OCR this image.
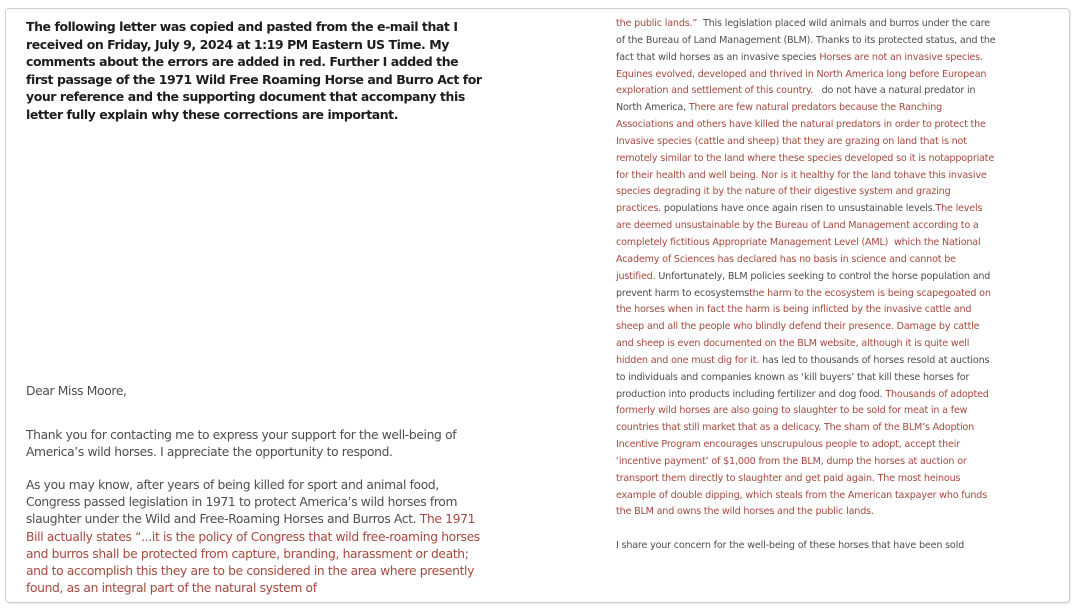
The following letter was copied and pasted from the e-mail that I received on Friday, July 9, 2024 at 1:19 PM Eastern US Time. My comments about the errors are added in red. Further I added the first passage of the 1971 Wild Free Roaming Horse and Burro Act for your reference and the supporting document that accompany this letter fully explain why these corrections are important.
Dear Miss Moore,
Thank you for contacting me to express your support for the well-being of America’s wild horses. I appreciate the opportunity to respond.
As you may know, after years of being killed for sport and animal food, Congress passed legislation in 1971 to protect America’s wild horses from slaughter under the Wild and Free-Roaming Horses and Burros Act. The 1971 Bill actually states “...it is the policy of Congress that wild free-roaming horses and burros shall be protected from capture, branding, harassment or death; and to accomplish this they are to be considered in the area where presently found, as an integral part of the natural system of
the public lands.”  This legislation placed wild animals and burros under the care of the Bureau of Land Management (BLM). Thanks to its protected status, and the fact that wild horses as an invasive species Horses are not an invasive species. Equines evolved, developed and thrived in North America long before European exploration and settlement of this country.   do not have a natural predator in North America, There are few natural predators because the Ranching Associations and others have killed the natural predators in order to protect the Invasive species (cattle and sheep) that they are grazing on land that is not remotely similar to the land where these species developed so it is notappopriate for their health and well being. Nor is it healthy for the land tohave this invasive species degrading it by the nature of their digestive system and grazing practices. populations have once again risen to unsustainable levels.The levels are deemed unsustainable by the Bureau of Land Management according to a completely fictitious Appropriate Management Level (AML)  which the National Academy of Sciences has declared has no basis in science and cannot be justified. Unfortunately, BLM policies seeking to control the horse population and prevent harm to ecosystemsthe harm to the ecosystem is being scapegoated on the horses when in fact the harm is being inflicted by the invasive cattle and sheep and all the people who blindly defend their presence. Damage by cattle and sheep is even documented on the BLM website, although it is quite well hidden and one must dig for it. has led to thousands of horses resold at auctions to individuals and companies known as ‘kill buyers’ that kill these horses for production into products including fertilizer and dog food. Thousands of adopted formerly wild horses are also going to slaughter to be sold for meat in a few countries that still market that as a delicacy. The sham of the BLM’s Adoption Incentive Program encourages unscrupulous people to adopt, accept their ‘incentive payment’ of $1,000 from the BLM, dump the horses at auction or transport them directly to slaughter and get paid again. The most heinous example of double dipping, which steals from the American taxpayer who funds the BLM and owns the wild horses and the public lands.
I share your concern for the well-being of these horses that have been sold
